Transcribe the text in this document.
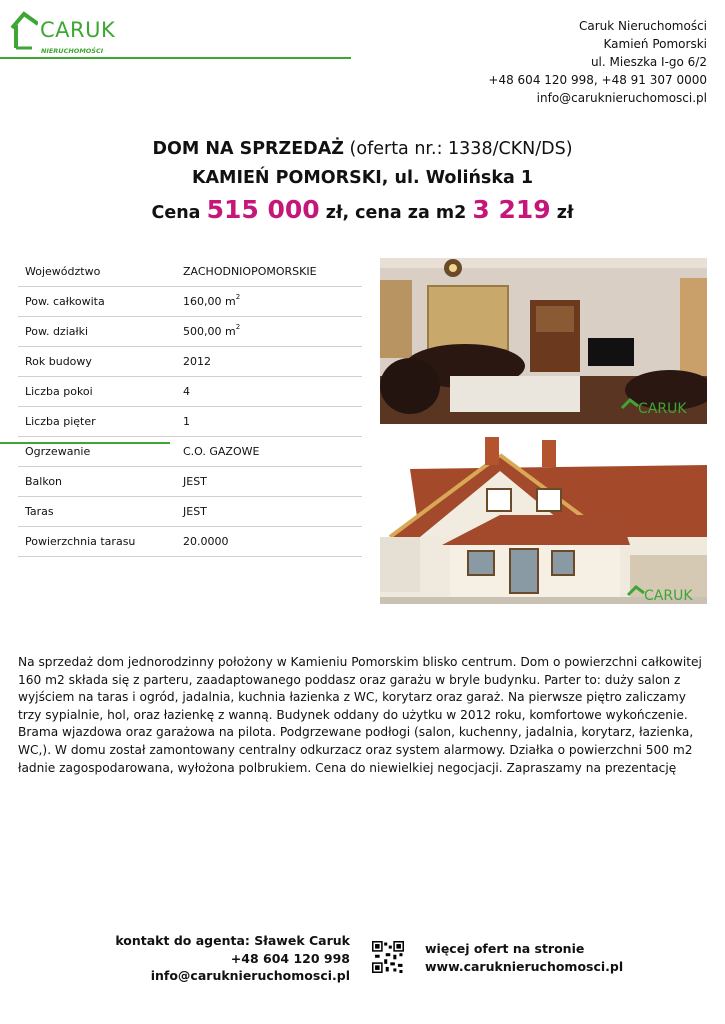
CARUK
NIERUCHOMOŚCI
Caruk Nieruchomości
Kamień Pomorski
ul. Mieszka I-go 6/2
+48 604 120 998, +48 91 307 0000
info@caruknieruchomosci.pl
DOM NA SPRZEDAŻ (oferta nr.: 1338/CKN/DS)
KAMIEŃ POMORSKI, ul. Wolińska 1
Cena 515 000 zł, cena za m2 3 219 zł
Województwo	ZACHODNIOPOMORSKIE
Pow. całkowita	160,00 $m^2$
Pow. działki	500,00 $m^2$
Rok budowy	2012
Liczba pokoi	4
Liczba pięter	1
Ogrzewanie	C.O. GAZOWE
Balkon	JEST
Taras	JEST
Powierzchnia tarasu	20.0000
CARUK
CARUK
Na sprzedaż dom jednorodzinny położony w Kamieniu Pomorskim blisko centrum. Dom o powierzchni całkowitej 160 m2 składa się z parteru, zaadaptowanego poddasz oraz garażu w bryle budynku. Parter to: duży salon z wyjściem na taras i ogród, jadalnia, kuchnia łazienka z WC, korytarz oraz garaż. Na pierwsze piętro zaliczamy trzy sypialnie, hol, oraz łazienkę z wanną. Budynek oddany do użytku w 2012 roku, komfortowe wykończenie. Brama wjazdowa oraz garażowa na pilota. Podgrzewane podłogi (salon, kuchenny, jadalnia, korytarz, łazienka, WC,). W domu został zamontowany centralny odkurzacz oraz system alarmowy. Działka o powierzchni 500 m2 ładnie zagospodarowana, wyłożona polbrukiem. Cena do niewielkiej negocjacji. Zapraszamy na prezentację
kontakt do agenta: Sławek Caruk
+48 604 120 998
info@caruknieruchomosci.pl
więcej ofert na stronie
www.caruknieruchomosci.pl
